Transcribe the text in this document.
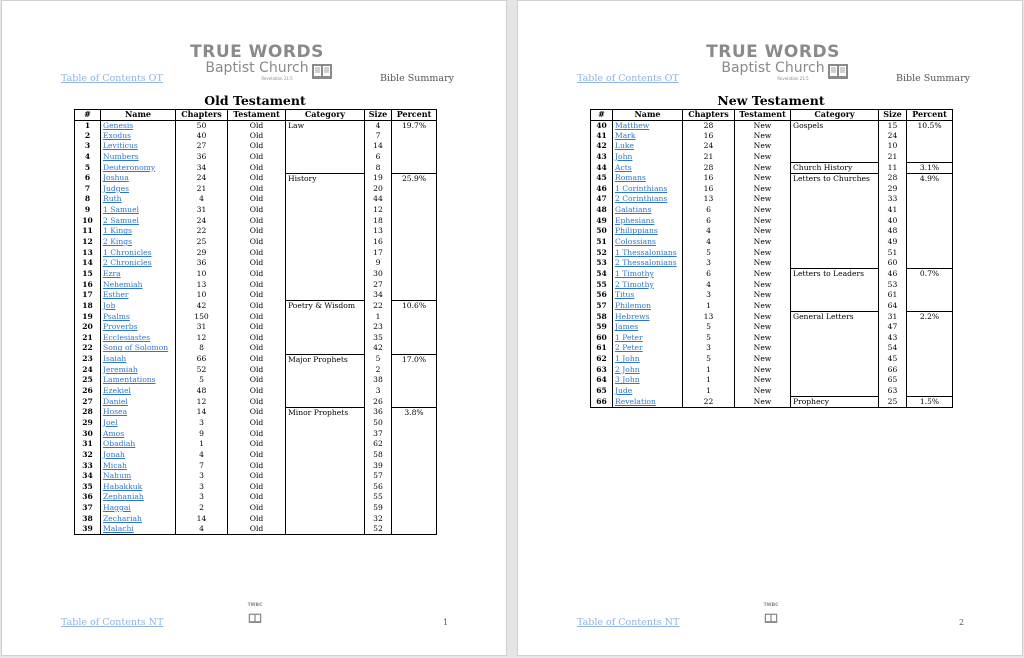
TRUE WORDS
Baptist Church
Revelation 21:5
Table of Contents OT	Bible Summary
Old Testament
#	Name	Chapters	Testament	Category	Size	Percent
1	Genesis	50	Old	Law	4	19.7%
2	Exodus	40	Old		7	
3	Leviticus	27	Old		14	
4	Numbers	36	Old		6	
5	Deuteronomy	34	Old		8	
6	Joshua	24	Old	History	19	25.9%
7	Judges	21	Old		20	
8	Ruth	4	Old		44	
9	1 Samuel	31	Old		12	
10	2 Samuel	24	Old		18	
11	1 Kings	22	Old		13	
12	2 Kings	25	Old		16	
13	1 Chronicles	29	Old		17	
14	2 Chronicles	36	Old		9	
15	Ezra	10	Old		30	
16	Nehemiah	13	Old		27	
17	Esther	10	Old		34	
18	Job	42	Old	Poetry & Wisdom	22	10.6%
19	Psalms	150	Old		1	
20	Proverbs	31	Old		23	
21	Ecclesiastes	12	Old		35	
22	Song of Solomon	8	Old		42	
23	Isaiah	66	Old	Major Prophets	5	17.0%
24	Jeremiah	52	Old		2	
25	Lamentations	5	Old		38	
26	Ezekiel	48	Old		3	
27	Daniel	12	Old		26	
28	Hosea	14	Old	Minor Prophets	36	3.8%
29	Joel	3	Old		50	
30	Amos	9	Old		37	
31	Obadiah	1	Old		62	
32	Jonah	4	Old		58	
33	Micah	7	Old		39	
34	Nahum	3	Old		57	
35	Habakkuk	3	Old		56	
36	Zephaniah	3	Old		55	
37	Haggai	2	Old		59	
38	Zechariah	14	Old		32	
39	Malachi	4	Old		52	
TWBC
Table of Contents NT	1
TRUE WORDS
Baptist Church
Revelation 21:5
Table of Contents OT	Bible Summary
New Testament
#	Name	Chapters	Testament	Category	Size	Percent
40	Matthew	28	New	Gospels	15	10.5%
41	Mark	16	New		24	
42	Luke	24	New		10	
43	John	21	New		21	
44	Acts	28	New	Church History	11	3.1%
45	Romans	16	New	Letters to Churches	28	4.9%
46	1 Corinthians	16	New		29	
47	2 Corinthians	13	New		33	
48	Galatians	6	New		41	
49	Ephesians	6	New		40	
50	Philippians	4	New		48	
51	Colossians	4	New		49	
52	1 Thessalonians	5	New		51	
53	2 Thessalonians	3	New		60	
54	1 Timothy	6	New	Letters to Leaders	46	0.7%
55	2 Timothy	4	New		53	
56	Titus	3	New		61	
57	Philemon	1	New		64	
58	Hebrews	13	New	General Letters	31	2.2%
59	James	5	New		47	
60	1 Peter	5	New		43	
61	2 Peter	3	New		54	
62	1 John	5	New		45	
63	2 John	1	New		66	
64	3 John	1	New		65	
65	Jude	1	New		63	
66	Revelation	22	New	Prophecy	25	1.5%
TWBC
Table of Contents NT	2
